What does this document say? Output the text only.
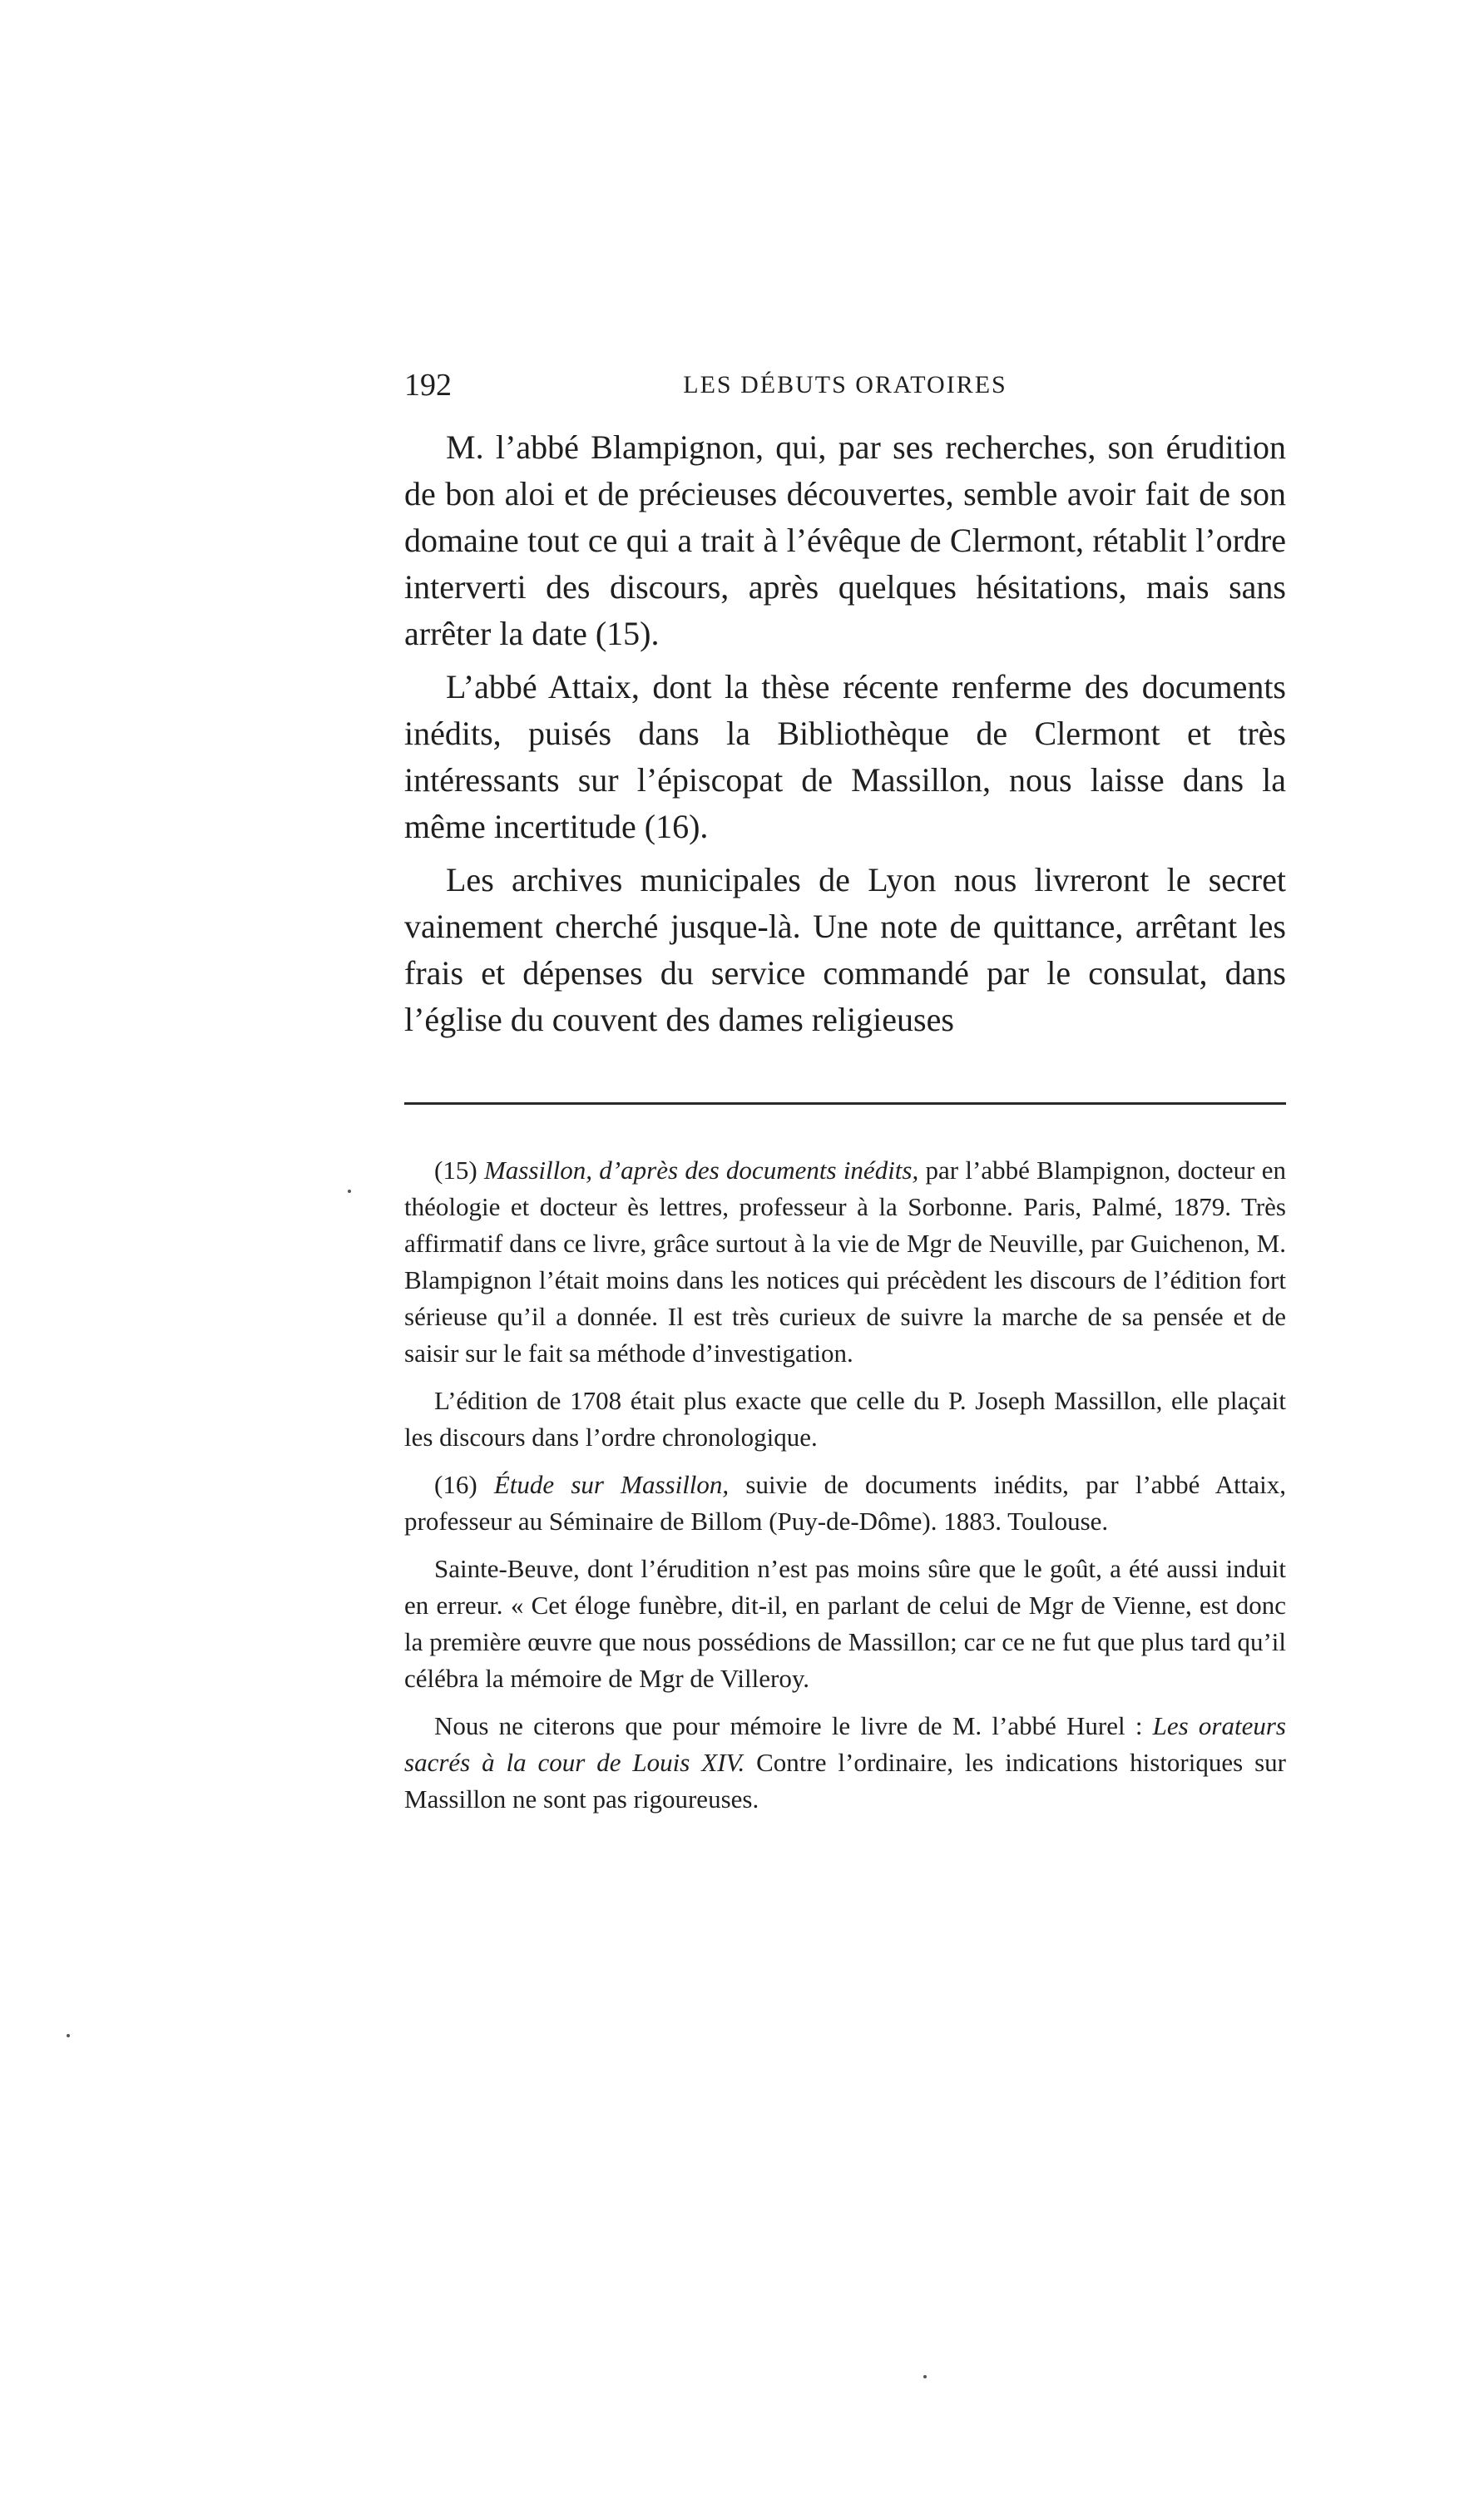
192	LES DÉBUTS ORATOIRES

M. l’abbé Blampignon, qui, par ses recherches, son érudition de bon aloi et de précieuses découvertes, semble avoir fait de son domaine tout ce qui a trait à l’évêque de Clermont, rétablit l’ordre interverti des discours, après quelques hésitations, mais sans arrêter la date (15).

L’abbé Attaix, dont la thèse récente renferme des documents inédits, puisés dans la Bibliothèque de Clermont et très intéressants sur l’épiscopat de Massillon, nous laisse dans la même incertitude (16).

Les archives municipales de Lyon nous livreront le secret vainement cherché jusque-là. Une note de quittance, arrêtant les frais et dépenses du service commandé par le consulat, dans l’église du couvent des dames religieuses

(15) Massillon, d’après des documents inédits, par l’abbé Blampignon, docteur en théologie et docteur ès lettres, professeur à la Sorbonne. Paris, Palmé, 1879. Très affirmatif dans ce livre, grâce surtout à la vie de Mgr de Neuville, par Guichenon, M. Blampignon l’était moins dans les notices qui précèdent les discours de l’édition fort sérieuse qu’il a donnée. Il est très curieux de suivre la marche de sa pensée et de saisir sur le fait sa méthode d’investigation.

L’édition de 1708 était plus exacte que celle du P. Joseph Massillon, elle plaçait les discours dans l’ordre chronologique.

(16) Étude sur Massillon, suivie de documents inédits, par l’abbé Attaix, professeur au Séminaire de Billom (Puy-de-Dôme). 1883. Toulouse.

Sainte-Beuve, dont l’érudition n’est pas moins sûre que le goût, a été aussi induit en erreur. « Cet éloge funèbre, dit-il, en parlant de celui de Mgr de Vienne, est donc la première œuvre que nous possédions de Massillon; car ce ne fut que plus tard qu’il célébra la mémoire de Mgr de Villeroy.

Nous ne citerons que pour mémoire le livre de M. l’abbé Hurel : Les orateurs sacrés à la cour de Louis XIV. Contre l’ordinaire, les indications historiques sur Massillon ne sont pas rigoureuses.
